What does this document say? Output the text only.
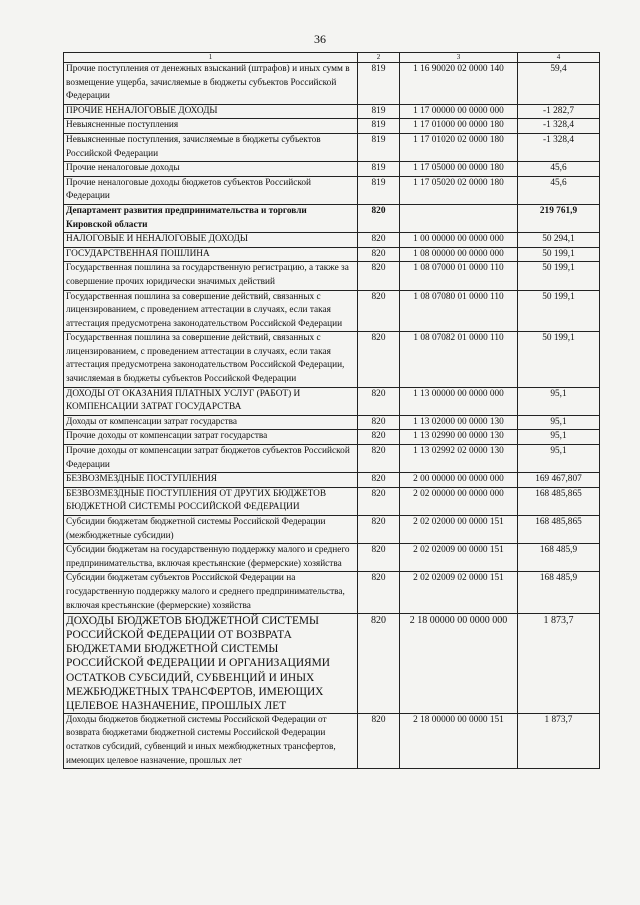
36
1	2	3	4
Прочие поступления от денежных взысканий (штрафов) и иных сумм в возмещение ущерба, зачисляемые в бюджеты субъектов Российской Федерации	819	1 16 90020 02 0000 140	59,4
ПРОЧИЕ НЕНАЛОГОВЫЕ ДОХОДЫ	819	1 17 00000 00 0000 000	-1 282,7
Невыясненные поступления	819	1 17 01000 00 0000 180	-1 328,4
Невыясненные поступления, зачисляемые в бюджеты субъектов Российской Федерации	819	1 17 01020 02 0000 180	-1 328,4
Прочие неналоговые доходы	819	1 17 05000 00 0000 180	45,6
Прочие неналоговые доходы бюджетов субъектов Российской Федерации	819	1 17 05020 02 0000 180	45,6
Департамент развития предпринимательства и торговли Кировской области	820		219 761,9
НАЛОГОВЫЕ И НЕНАЛОГОВЫЕ ДОХОДЫ	820	1 00 00000 00 0000 000	50 294,1
ГОСУДАРСТВЕННАЯ ПОШЛИНА	820	1 08 00000 00 0000 000	50 199,1
Государственная пошлина за государственную регистрацию, а также за совершение прочих юридически значимых действий	820	1 08 07000 01 0000 110	50 199,1
Государственная пошлина за совершение действий, связанных с лицензированием, с проведением аттестации в случаях, если такая аттестация предусмотрена законодательством Российской Федерации	820	1 08 07080 01 0000 110	50 199,1
Государственная пошлина за совершение действий, связанных с лицензированием, с проведением аттестации в случаях, если такая аттестация предусмотрена законодательством Российской Федерации, зачисляемая в бюджеты субъектов Российской Федерации	820	1 08 07082 01 0000 110	50 199,1
ДОХОДЫ ОТ ОКАЗАНИЯ ПЛАТНЫХ УСЛУГ (РАБОТ) И КОМПЕНСАЦИИ ЗАТРАТ ГОСУДАРСТВА	820	1 13 00000 00 0000 000	95,1
Доходы от компенсации затрат государства	820	1 13 02000 00 0000 130	95,1
Прочие доходы от компенсации затрат государства	820	1 13 02990 00 0000 130	95,1
Прочие доходы от компенсации затрат бюджетов субъектов Российской Федерации	820	1 13 02992 02 0000 130	95,1
БЕЗВОЗМЕЗДНЫЕ ПОСТУПЛЕНИЯ	820	2 00 00000 00 0000 000	169 467,807
БЕЗВОЗМЕЗДНЫЕ ПОСТУПЛЕНИЯ ОТ ДРУГИХ БЮДЖЕТОВ БЮДЖЕТНОЙ СИСТЕМЫ РОССИЙСКОЙ ФЕДЕРАЦИИ	820	2 02 00000 00 0000 000	168 485,865
Субсидии бюджетам бюджетной системы Российской Федерации (межбюджетные субсидии)	820	2 02 02000 00 0000 151	168 485,865
Субсидии бюджетам на государственную поддержку малого и среднего предпринимательства, включая крестьянские (фермерские) хозяйства	820	2 02 02009 00 0000 151	168 485,9
Субсидии бюджетам субъектов Российской Федерации на государственную поддержку малого и среднего предпринимательства, включая крестьянские (фермерские) хозяйства	820	2 02 02009 02 0000 151	168 485,9
ДОХОДЫ БЮДЖЕТОВ БЮДЖЕТНОЙ СИСТЕМЫ РОССИЙСКОЙ ФЕДЕРАЦИИ ОТ ВОЗВРАТА БЮДЖЕТАМИ БЮДЖЕТНОЙ СИСТЕМЫ РОССИЙСКОЙ ФЕДЕРАЦИИ И ОРГАНИЗАЦИЯМИ ОСТАТКОВ СУБСИДИЙ, СУБВЕНЦИЙ И ИНЫХ МЕЖБЮДЖЕТНЫХ ТРАНСФЕРТОВ, ИМЕЮЩИХ ЦЕЛЕВОЕ НАЗНАЧЕНИЕ, ПРОШЛЫХ ЛЕТ	820	2 18 00000 00 0000 000	1 873,7
Доходы бюджетов бюджетной системы Российской Федерации от возврата бюджетами бюджетной системы Российской Федерации остатков субсидий, субвенций и иных межбюджетных трансфертов, имеющих целевое назначение, прошлых лет	820	2 18 00000 00 0000 151	1 873,7
